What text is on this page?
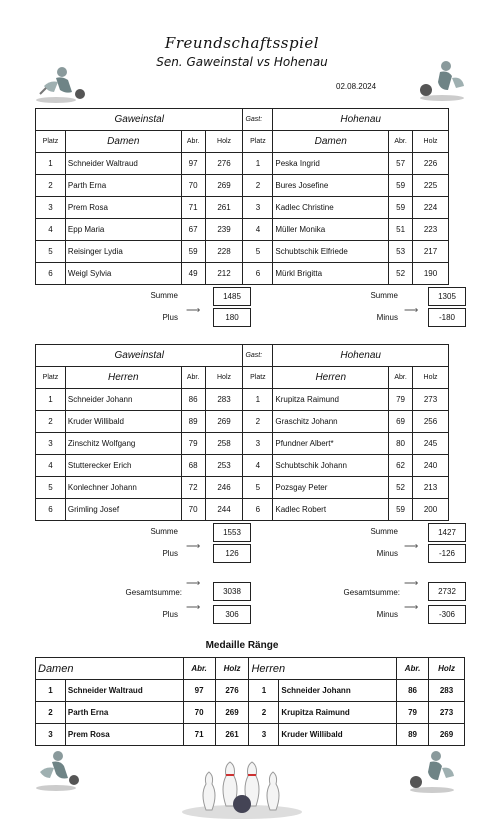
Freundschaftsspiel
Sen. Gaweinstal vs Hohenau
02.08.2024
Gaweinstal				Gast:	Hohenau		
Platz	Damen	Abr.	Holz	Platz	Damen	Abr.	Holz
1	Schneider Waltraud	97	276	1	Peska Ingrid	57	226
2	Parth Erna	70	269	2	Bures Josefine	59	225
3	Prem Rosa	71	261	3	Kadlec Christine	59	224
4	Epp Maria	67	239	4	Müller Monika	51	223
5	Reisinger Lydia	59	228	5	Schubtschik Elfriede	53	217
6	Weigl Sylvia	49	212	6	Mürkl Brigitta	52	190
Summe	1485
Plus
⟶
180
Summe	1305
Minus
⟶
-180
Gaweinstal				Gast:	Hohenau		
Platz	Herren	Abr.	Holz	Platz	Herren	Abr.	Holz
1	Schneider Johann	86	283	1	Krupitza Raimund	79	273
2	Kruder Willibald	89	269	2	Graschitz Johann	69	256
3	Zinschitz Wolfgang	79	258	3	Pfundner Albert*	80	245
4	Stutterecker Erich	68	253	4	Schubtschik Johann	62	240
5	Konlechner Johann	72	246	5	Pozsgay Peter	52	213
6	Grimling Josef	70	244	6	Kadlec Robert	59	200
Summe	1553
Plus
⟶
126
Summe	1427
Minus
⟶
-126
Gesamtsumme:
⟶
3038
Plus
⟶
306
Gesamtsumme:
⟶
2732
Minus
⟶
-306
Medaille Ränge
Damen		Abr.	Holz	Herren		Abr.	Holz
1	Schneider Waltraud	97	276	1	Schneider Johann	86	283
2	Parth Erna	70	269	2	Krupitza Raimund	79	273
3	Prem Rosa	71	261	3	Kruder Willibald	89	269
